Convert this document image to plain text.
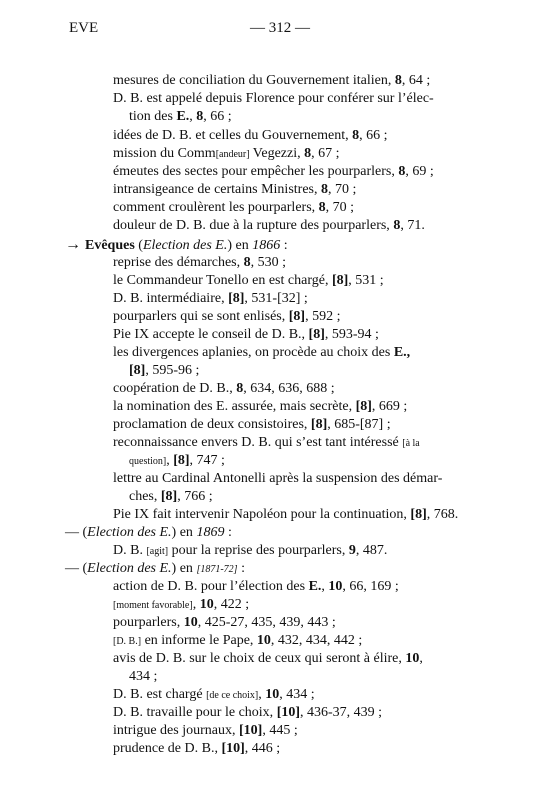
EVE	— 312 —
mesures de conciliation du Gouvernement italien, 8, 64 ;
D. B. est appelé depuis Florence pour conférer sur l’élec-
tion des E., 8, 66 ;
idées de D. B. et celles du Gouvernement, 8, 66 ;
mission du Comm[andeur] Vegezzi, 8, 67 ;
émeutes des sectes pour empêcher les pourparlers, 8, 69 ;
intransigeance de certains Ministres, 8, 70 ;
comment croulèrent les pourparlers, 8, 70 ;
douleur de D. B. due à la rupture des pourparlers, 8, 71.
→ Evêques (Election des E.) en 1866 :
reprise des démarches, 8, 530 ;
le Commandeur Tonello en est chargé, [8], 531 ;
D. B. intermédiaire, [8], 531-[32] ;
pourparlers qui se sont enlisés, [8], 592 ;
Pie IX accepte le conseil de D. B., [8], 593-94 ;
les divergences aplanies, on procède au choix des E.,
[8], 595-96 ;
coopération de D. B., 8, 634, 636, 688 ;
la nomination des E. assurée, mais secrète, [8], 669 ;
proclamation de deux consistoires, [8], 685-[87] ;
reconnaissance envers D. B. qui s’est tant intéressé [à la
question], [8], 747 ;
lettre au Cardinal Antonelli après la suspension des démar-
ches, [8], 766 ;
Pie IX fait intervenir Napoléon pour la continuation, [8], 768.
— (Election des E.) en 1869 :
D. B. [agit] pour la reprise des pourparlers, 9, 487.
— (Election des E.) en [1871-72] :
action de D. B. pour l’élection des E., 10, 66, 169 ;
[moment favorable], 10, 422 ;
pourparlers, 10, 425-27, 435, 439, 443 ;
[D. B.] en informe le Pape, 10, 432, 434, 442 ;
avis de D. B. sur le choix de ceux qui seront à élire, 10,
434 ;
D. B. est chargé [de ce choix], 10, 434 ;
D. B. travaille pour le choix, [10], 436-37, 439 ;
intrigue des journaux, [10], 445 ;
prudence de D. B., [10], 446 ;
